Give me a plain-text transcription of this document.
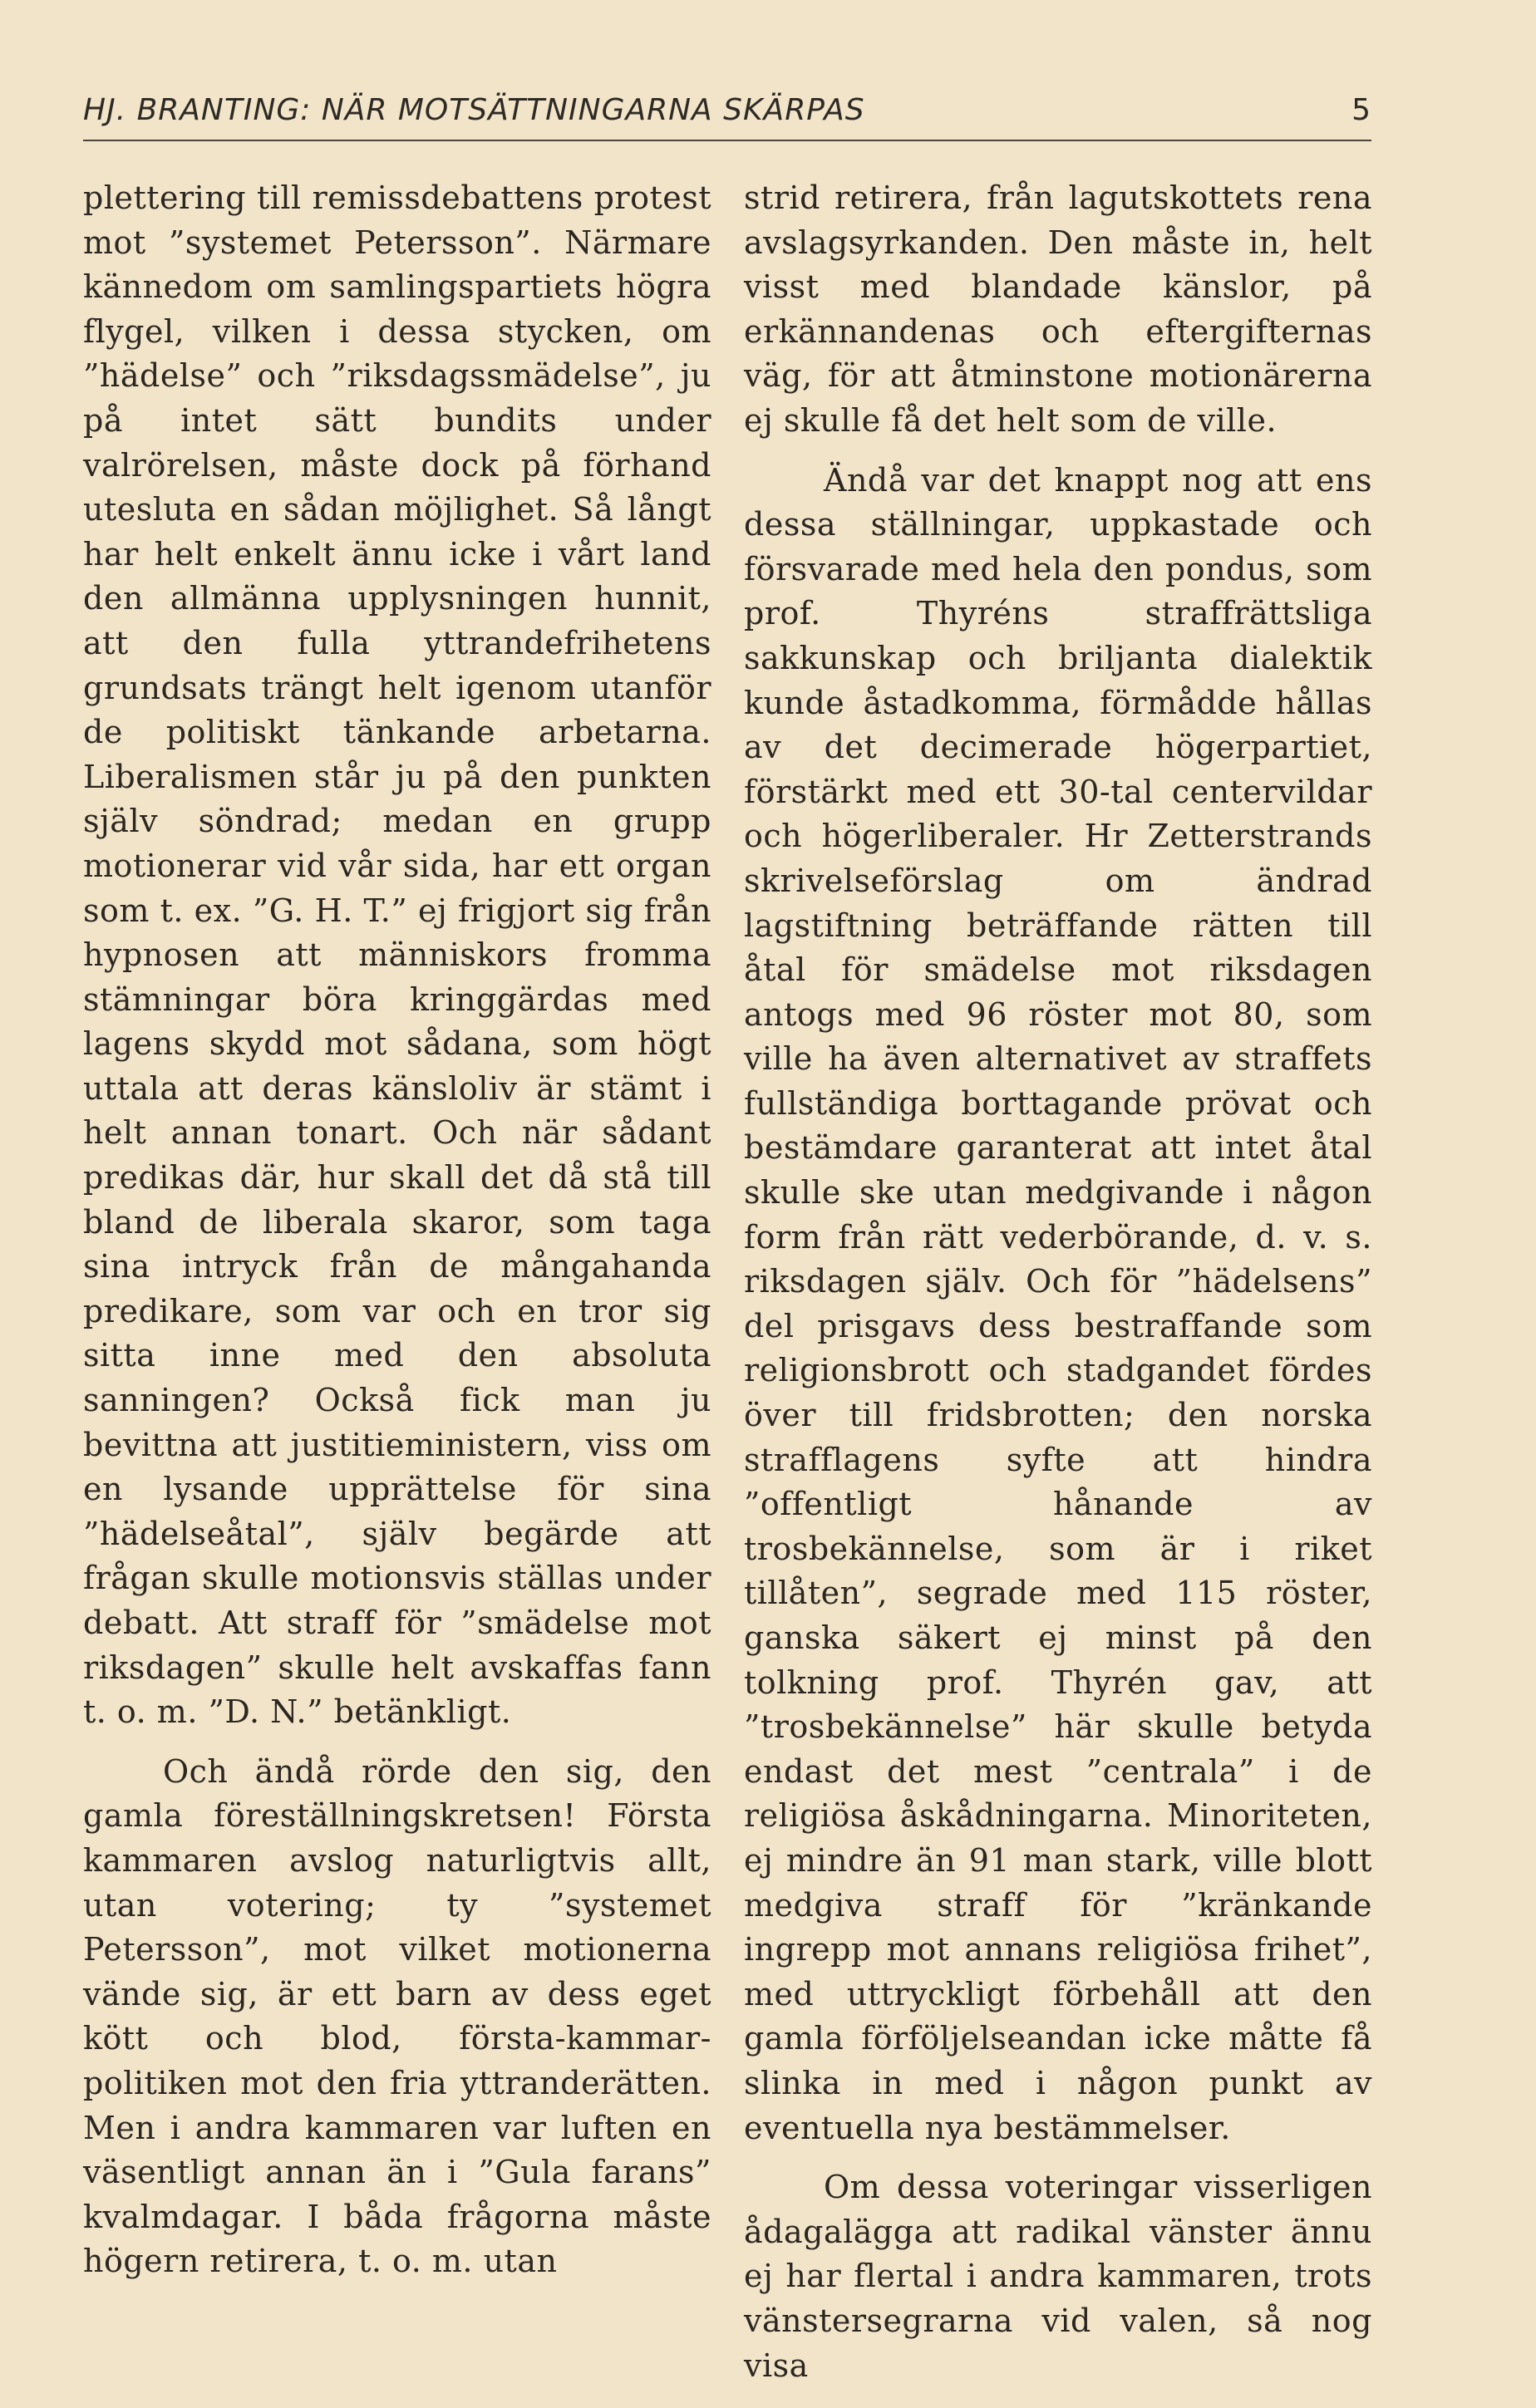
HJ. BRANTING: NÄR MOTSÄTTNINGARNA SKÄRPAS	5

plettering till remissdebattens protest mot ”systemet Petersson”. Närmare kännedom om samlingspartiets högra flygel, vilken i dessa stycken, om ”hädelse” och ”riksdagssmädelse”, ju på intet sätt bundits under valrörelsen, måste dock på förhand utesluta en sådan möjlighet. Så långt har helt enkelt ännu icke i vårt land den allmänna upplysningen hunnit, att den fulla yttrandefrihetens grundsats trängt helt igenom utanför de politiskt tänkande arbetarna. Liberalismen står ju på den punkten själv söndrad; medan en grupp motionerar vid vår sida, har ett organ som t. ex. ”G. H. T.” ej frigjort sig från hypnosen att människors fromma stämningar böra kringgärdas med lagens skydd mot sådana, som högt uttala att deras känsloliv är stämt i helt annan tonart. Och när sådant predikas där, hur skall det då stå till bland de liberala skaror, som taga sina intryck från de mångahanda predikare, som var och en tror sig sitta inne med den absoluta sanningen? Också fick man ju bevittna att justitieministern, viss om en lysande upprättelse för sina ”hädelseåtal”, själv begärde att frågan skulle motionsvis ställas under debatt. Att straff för ”smädelse mot riksdagen” skulle helt avskaffas fann t. o. m. ”D. N.” betänkligt.

Och ändå rörde den sig, den gamla föreställningskretsen! Första kammaren avslog naturligtvis allt, utan votering; ty ”systemet Petersson”, mot vilket motionerna vände sig, är ett barn av dess eget kött och blod, första-kammar-politiken mot den fria yttranderätten. Men i andra kammaren var luften en väsentligt annan än i ”Gula farans” kvalmdagar. I båda frågorna måste högern retirera, t. o. m. utan

strid retirera, från lagutskottets rena avslagsyrkanden. Den måste in, helt visst med blandade känslor, på erkännandenas och eftergifternas väg, för att åtminstone motionärerna ej skulle få det helt som de ville.

Ändå var det knappt nog att ens dessa ställningar, uppkastade och försvarade med hela den pondus, som prof. Thyréns straffrättsliga sakkunskap och briljanta dialektik kunde åstadkomma, förmådde hållas av det decimerade högerpartiet, förstärkt med ett 30-tal centervildar och högerliberaler. Hr Zetterstrands skrivelseförslag om ändrad lagstiftning beträffande rätten till åtal för smädelse mot riksdagen antogs med 96 röster mot 80, som ville ha även alternativet av straffets fullständiga borttagande prövat och bestämdare garanterat att intet åtal skulle ske utan medgivande i någon form från rätt vederbörande, d. v. s. riksdagen själv. Och för ”hädelsens” del prisgavs dess bestraffande som religionsbrott och stadgandet fördes över till fridsbrotten; den norska strafflagens syfte att hindra ”offentligt hånande av trosbekännelse, som är i riket tillåten”, segrade med 115 röster, ganska säkert ej minst på den tolkning prof. Thyrén gav, att ”trosbekännelse” här skulle betyda endast det mest ”centrala” i de religiösa åskådningarna. Minoriteten, ej mindre än 91 man stark, ville blott medgiva straff för ”kränkande ingrepp mot annans religiösa frihet”, med uttryckligt förbehåll att den gamla förföljelseandan icke måtte få slinka in med i någon punkt av eventuella nya bestämmelser.

Om dessa voteringar visserligen ådagalägga att radikal vänster ännu ej har flertal i andra kammaren, trots vänstersegrarna vid valen, så nog visa
